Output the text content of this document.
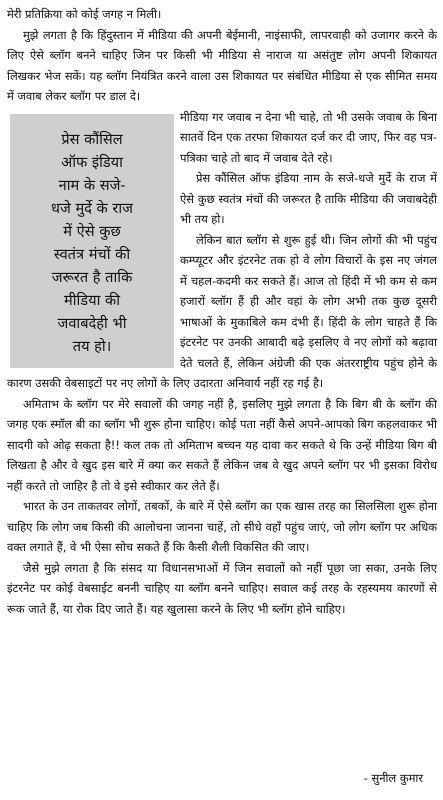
मेरी प्रतिक्रिया को कोई जगह न मिली।

मुझे लगता है कि हिंदुस्तान में मीडिया की अपनी बेईमानी, नाइंसाफी, लापरवाही को उजागर करने के लिए ऐसे ब्लॉग बनने चाहिए जिन पर किसी भी मीडिया से नाराज या असंतुष्ट लोग अपनी शिकायत लिखकर भेज सकें। यह ब्लॉग नियंत्रित करने वाला उस शिकायत पर संबंधित मीडिया से एक सीमित समय में जवाब लेकर ब्लॉग पर डाल दे।

प्रेस कौंसिल
ऑफ इंडिया
नाम के सजे-
धजे मुर्दे के राज
में ऐसे कुछ
स्वतंत्र मंचों की
जरूरत है ताकि
मीडिया की
जवाबदेही भी
तय हो।

मीडिया गर जवाब न देना भी चाहे, तो भी उसके जवाब के बिना सातवें दिन एक तरफा शिकायत दर्ज कर दी जाए, फिर वह पत्र-पत्रिका चाहे तो बाद में जवाब देते रहे।

प्रेस कौंसिल ऑफ इंडिया नाम के सजे-धजे मुर्दे के राज में ऐसे कुछ स्वतंत्र मंचों की जरूरत है ताकि मीडिया की जवाबदेही भी तय हो।

लेकिन बात ब्लॉग से शुरू हुई थी। जिन लोगों की भी पहुंच कम्प्यूटर और इंटरनेट तक हो वे लोग विचारों के इस नए जंगल में चहल-कदमी कर सकते हैं। आज तो हिंदी में भी कम से कम हजारों ब्लॉग हैं ही और वहां के लोग अभी तक कुछ दूसरी भाषाओं के मुकाबिले कम दंभी हैं। हिंदी के लोग चाहते हैं कि इंटरनेट पर उनकी आबादी बढ़े इसलिए वे नए लोगों को बढ़ावा देते चलते हैं, लेकिन अंग्रेजी की एक अंतरराष्ट्रीय पहुंच होने के कारण उसकी वेबसाइटों पर नए लोगों के लिए उदारता अनिवार्य नहीं रह गई है।

अमिताभ के ब्लॉग पर मेरे सवालों की जगह नहीं है, इसलिए मुझे लगता है कि बिग बी के ब्लॉग की जगह एक स्मॉल बी का ब्लॉग भी शुरू होना चाहिए। कोई पता नहीं कैसे अपने-आपको बिग कहलवाकर भी सादगी को ओढ़ सकता है!! कल तक तो अमिताभ बच्चन यह दावा कर सकते थे कि उन्हें मीडिया बिग बी लिखता है और वे खुद इस बारे में क्या कर सकते हैं लेकिन जब वे खुद अपने ब्लॉग पर भी इसका विरोध नहीं करते तो जाहिर है तो वे इसे स्वीकार कर लेते हैं।

भारत के उन ताकतवर लोगों, तबकों, के बारे में ऐसे ब्लॉग का एक खास तरह का सिलसिला शुरू होना चाहिए कि लोग जब किसी की आलोचना जानना चाहें, तो सीधे वहाँ पहुंच जाएं, जो लोग ब्लॉग पर अधिक वक्त लगाते हैं, वे भी ऐसा सोच सकते हैं कि कैसी शैली विकसित की जाए।

जैसे मुझे लगता है कि संसद या विधानसभाओं में जिन सवालों को नहीं पूछा जा सका, उनके लिए इंटरनेट पर कोई वेबसाईट बननी चाहिए या ब्लॉग बनने चाहिए। सवाल कई तरह के रहस्यमय कारणों से रूक जाते हैं, या रोक दिए जाते हैं। यह खुलासा करने के लिए भी ब्लॉग होने चाहिए।

- सुनील कुमार
